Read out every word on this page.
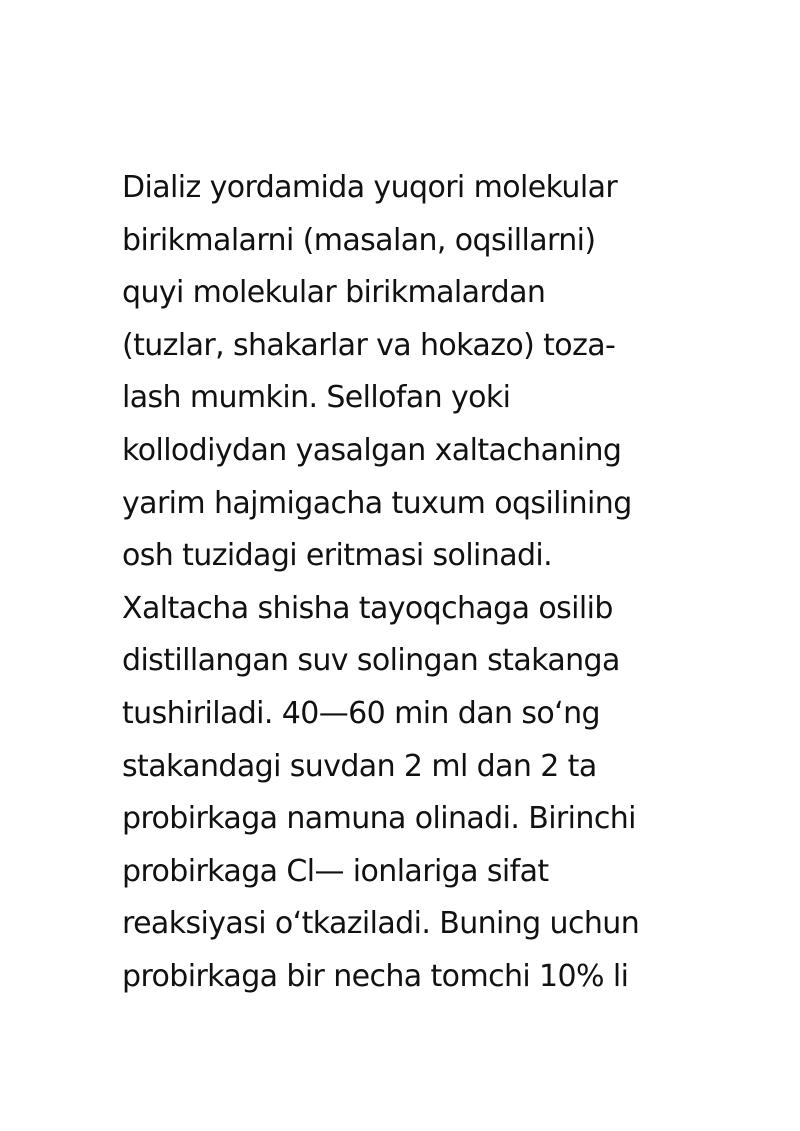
Dializ yordamida yuqori molekular
birikmalarni (masalan, oqsillarni)
quyi molekular birikmalardan
(tuzlar, shakarlar va hokazo) toza-
lash mumkin. Sellofan yoki
kollodiydan yasalgan xaltachaning
yarim hajmigacha tuxum oqsilining
osh tuzidagi eritmasi solinadi.
Xaltacha shisha tayoqchaga osilib
distillangan suv solingan stakanga
tushiriladi. 40—60 min dan so‘ng
stakandagi suvdan 2 ml dan 2 ta
probirkaga namuna olinadi. Birinchi
probirkaga Cl— ionlariga sifat
reaksiyasi o‘tkaziladi. Buning uchun
probirkaga bir necha tomchi 10% li
